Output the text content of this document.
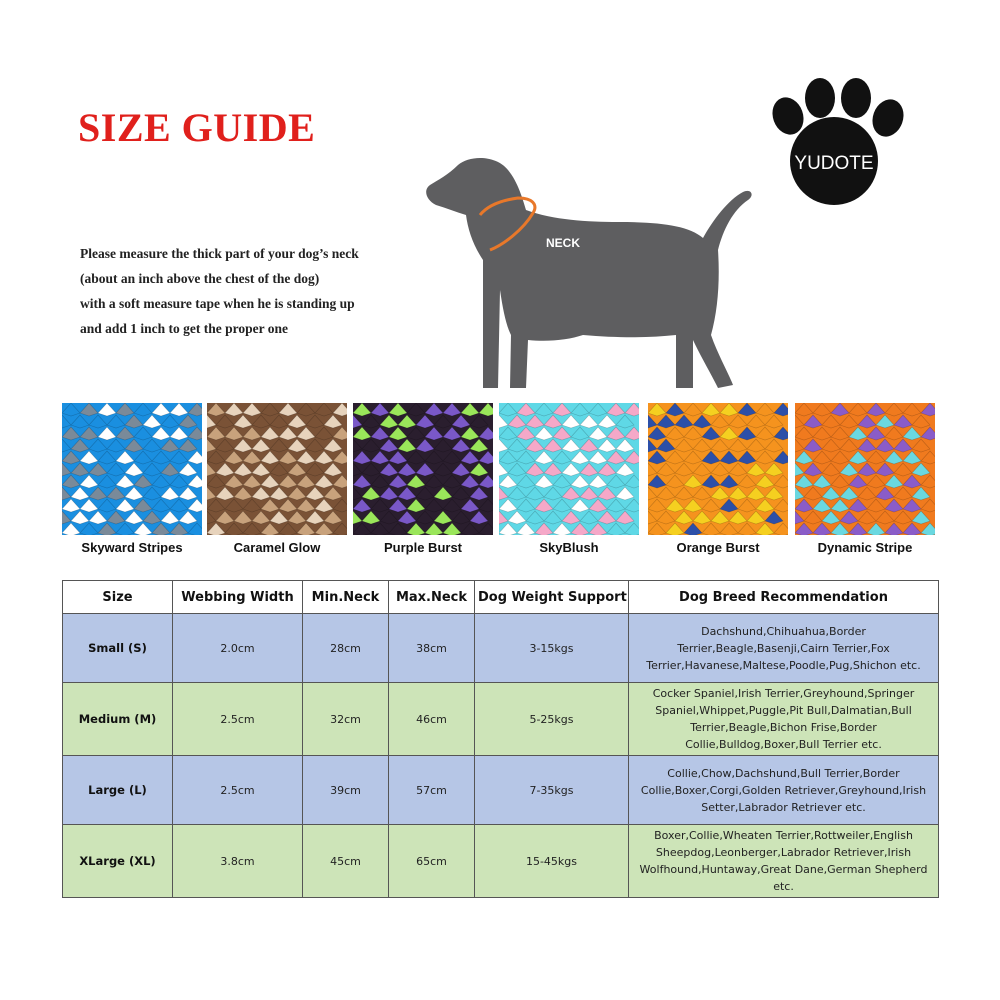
SIZE GUIDE
Please measure the thick part of your dog’s neck
(about an inch above the chest of the dog)
with a soft measure tape when he is standing up
and add 1 inch to get the proper one
NECK
YUDOTE
Skyward Stripes	Caramel Glow	Purple Burst	SkyBlush	Orange Burst	Dynamic Stripe
Size	Webbing Width	Min.Neck	Max.Neck	Dog Weight Support	Dog Breed Recommendation
Small (S)	2.0cm	28cm	38cm	3-15kgs	Dachshund,Chihuahua,Border Terrier,Beagle,Basenji,Cairn Terrier,Fox Terrier,Havanese,Maltese,Poodle,Pug,Shichon etc.
Medium (M)	2.5cm	32cm	46cm	5-25kgs	Cocker Spaniel,Irish Terrier,Greyhound,Springer Spaniel,Whippet,Puggle,Pit Bull,Dalmatian,Bull Terrier,Beagle,Bichon Frise,Border Collie,Bulldog,Boxer,Bull Terrier etc.
Large (L)	2.5cm	39cm	57cm	7-35kgs	Collie,Chow,Dachshund,Bull Terrier,Border Collie,Boxer,Corgi,Golden Retriever,Greyhound,Irish Setter,Labrador Retriever etc.
XLarge (XL)	3.8cm	45cm	65cm	15-45kgs	Boxer,Collie,Wheaten Terrier,Rottweiler,English Sheepdog,Leonberger,Labrador Retriever,Irish Wolfhound,Huntaway,Great Dane,German Shepherd etc.
